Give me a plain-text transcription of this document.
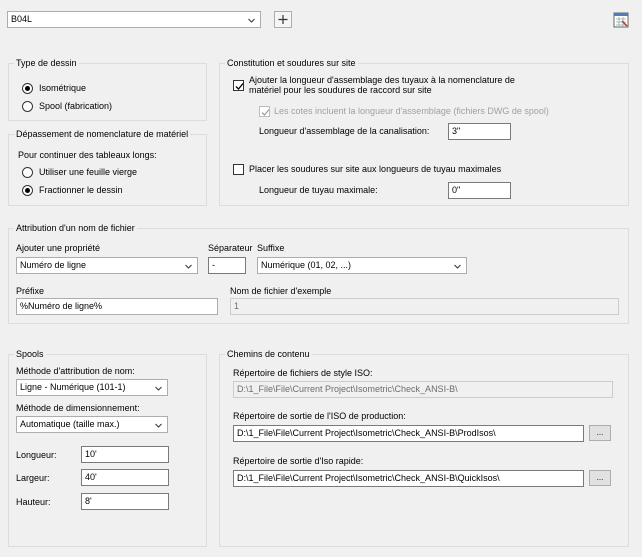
B04L
Type de dessin
Isométrique
Spool (fabrication)
Dépassement de nomenclature de matériel
Pour continuer des tableaux longs:
Utiliser une feuille vierge
Fractionner le dessin
Constitution et soudures sur site
Ajouter la longueur d'assemblage des tuyaux à la nomenclature de
matériel pour les soudures de raccord sur site
Les cotes incluent la longueur d'assemblage (fichiers DWG de spool)
Longueur d'assemblage de la canalisation:	3"
Placer les soudures sur site aux longueurs de tuyau maximales
Longueur de tuyau maximale:	0"
Attribution d'un nom de fichier
Ajouter une propriété
Numéro de ligne
Séparateur
-
Suffixe
Numérique (01, 02, ...)
Préfixe
%Numéro de ligne%
Nom de fichier d'exemple
1
Spools
Méthode d'attribution de nom:
Ligne - Numérique (101-1)
Méthode de dimensionnement:
Automatique (taille max.)
Longueur:	10'
Largeur:	40'
Hauteur:	8'
Chemins de contenu
Répertoire de fichiers de style ISO:
D:\1_File\File\Current Project\Isometric\Check_ANSI-B\
Répertoire de sortie de l'ISO de production:
D:\1_File\File\Current Project\Isometric\Check_ANSI-B\ProdIsos\	...
Répertoire de sortie d'Iso rapide:
D:\1_File\File\Current Project\Isometric\Check_ANSI-B\QuickIsos\	...
